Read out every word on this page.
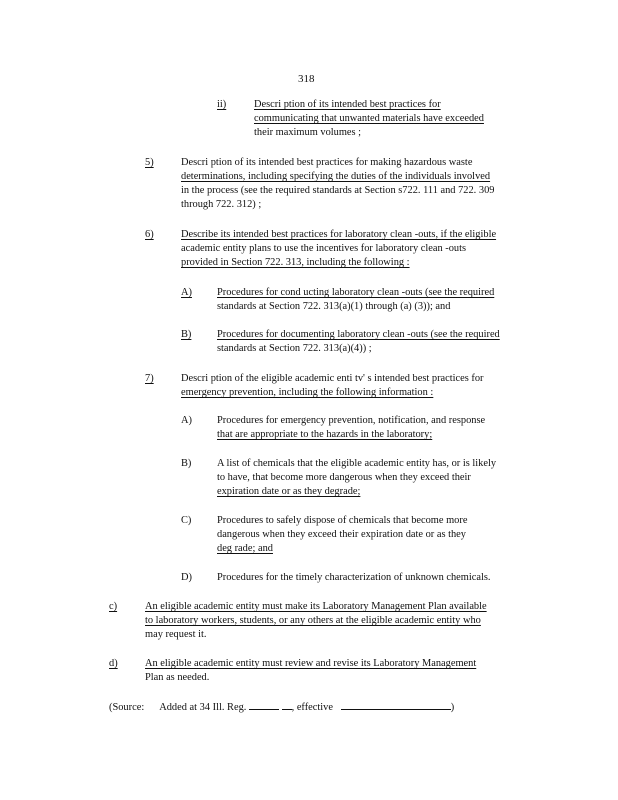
318
ii)	Descri ption of its intended best practices for
communicating that unwanted materials have exceeded
their maximum volumes ;
5)	Descri ption of its intended best practices for making hazardous waste
determinations, including specifying the duties of the individuals involved
in the process (see the required standards at Section s722. 111 and 722. 309
through 722. 312) ;
6)	Describe its intended best practices for laboratory clean -outs, if the eligible
academic entity plans to use the incentives for laboratory clean -outs
provided in Section 722. 313, including the following :
A) Procedures for cond ucting laboratory clean -outs (see the required
standards at Section 722. 313(a)(1) through (a) (3)); and
B) Procedures for documenting laboratory clean -outs (see the required
standards at Section 722. 313(a)(4)) ;
7)	Descri ption of the eligible academic enti tv' s intended best practices for
emergency prevention, including the following information :
A) Procedures for emergency prevention, notification, and response
that are appropriate to the hazards in the laboratory;
B) A list of chemicals that the eligible academic entity has, or is likely
to have, that become more dangerous when they exceed their
expiration date or as they degrade;
C) Procedures to safely dispose of chemicals that become more
dangerous when they exceed their expiration date or as they
deg rade; and
D) Procedures for the timely characterization of unknown chemicals.
c)	An eligible academic entity must make its Laboratory Management Plan available
to laboratory workers, students, or any others at the eligible academic entity who
may request it.
d)	An eligible academic entity must review and revise its Laboratory Management
Plan as needed.
(Source: Added at 34 Ill. Reg.	, effective	)
